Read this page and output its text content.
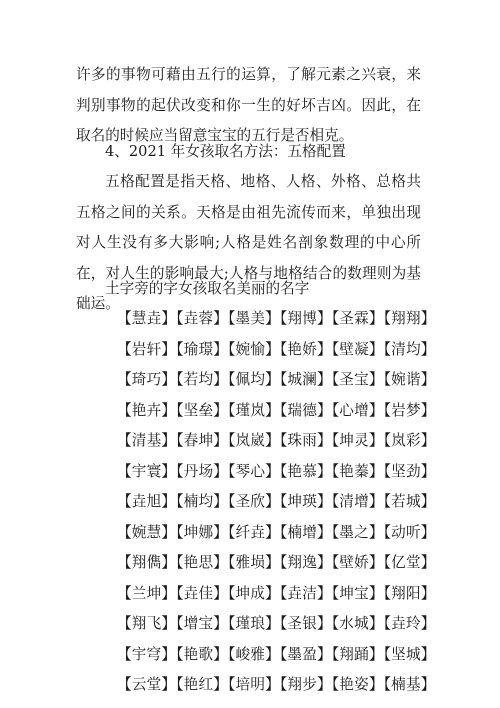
许多的事物可藉由五行的运算，了解元素之兴衰，来判别事物的起伏改变和你一生的好坏吉凶。因此，在取名的时候应当留意宝宝的五行是否相克。

4、2021 年女孩取名方法：五格配置

五格配置是指天格、地格、人格、外格、总格共五格之间的关系。天格是由祖先流传而来，单独出现对人生没有多大影响;人格是姓名剖象数理的中心所在，对人生的影响最大;人格与地格结合的数理则为基础运。

土字旁的字女孩取名美丽的名字

【慧垚】【垚蓉】【墨美】【翔博】【圣霖】【翔翔】
【岩轩】【瑜璟】【婉愉】【艳娇】【壁凝】【清均】
【琦巧】【若均】【佩均】【城澜】【圣宝】【婉谐】
【艳卉】【坚垒】【瑾岚】【瑞德】【心增】【岩梦】
【清基】【春坤】【岚崴】【珠雨】【坤灵】【岚彩】
【宇寰】【丹场】【琴心】【艳慕】【艳蓁】【坚劲】
【垚旭】【楠均】【圣欣】【坤瑛】【清增】【若城】
【婉慧】【坤娜】【纤垚】【楠增】【墨之】【动听】
【翔儁】【艳思】【雅埙】【翔逸】【壁娇】【亿堂】
【兰坤】【垚佳】【坤成】【垚洁】【坤宝】【翔阳】
【翔飞】【增宝】【瑾琅】【圣银】【水城】【垚玲】
【宇穹】【艳歌】【峻雅】【墨盈】【翔踊】【坚城】
【云堂】【艳红】【培明】【翔步】【艳姿】【楠基】
